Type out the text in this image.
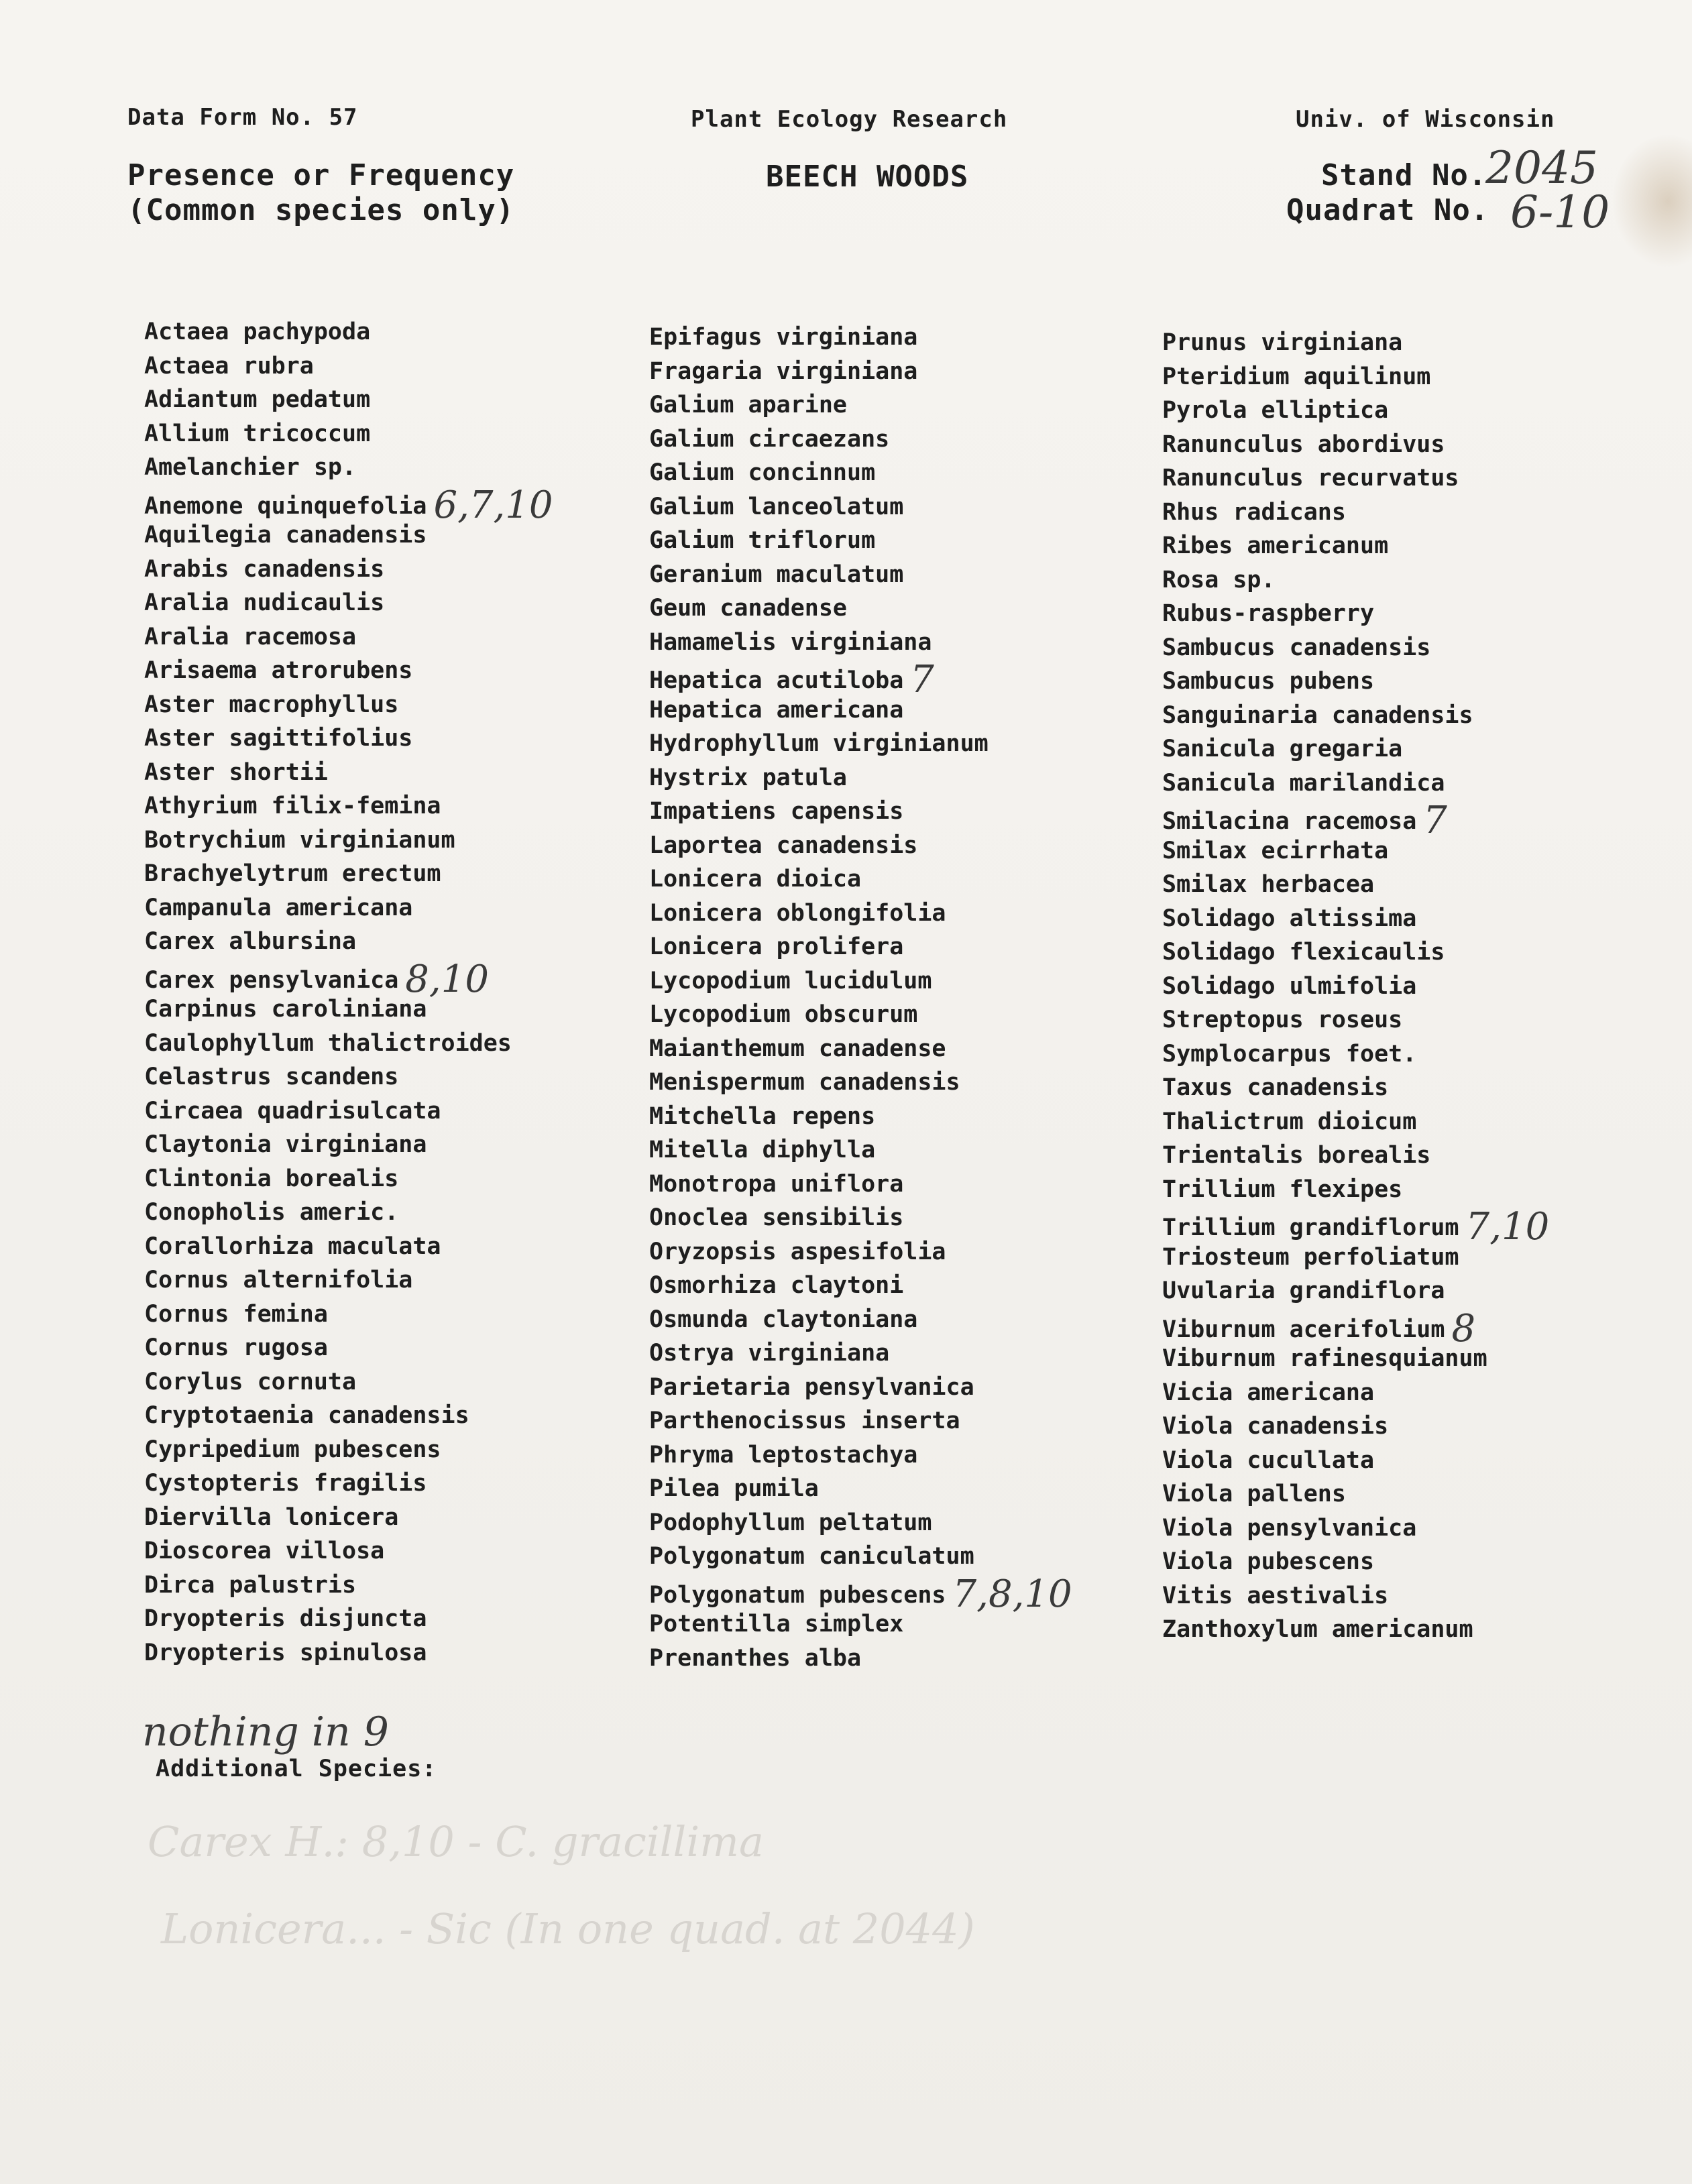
Data Form No. 57	Plant Ecology Research	Univ. of Wisconsin
Presence or Frequency
(Common species only)
BEECH WOODS	Stand No.
2045
Quadrat No. 6-10
Actaea pachypoda
Actaea rubra
Adiantum pedatum
Allium tricoccum
Amelanchier sp.
Anemone quinquefolia 6,7,10
Aquilegia canadensis
Arabis canadensis
Aralia nudicaulis
Aralia racemosa
Arisaema atrorubens
Aster macrophyllus
Aster sagittifolius
Aster shortii
Athyrium filix-femina
Botrychium virginianum
Brachyelytrum erectum
Campanula americana
Carex albursina
Carex pensylvanica 8,10
Carpinus caroliniana
Caulophyllum thalictroides
Celastrus scandens
Circaea quadrisulcata
Claytonia virginiana
Clintonia borealis
Conopholis americ.
Corallorhiza maculata
Cornus alternifolia
Cornus femina
Cornus rugosa
Corylus cornuta
Cryptotaenia canadensis
Cypripedium pubescens
Cystopteris fragilis
Diervilla lonicera
Dioscorea villosa
Dirca palustris
Dryopteris disjuncta
Dryopteris spinulosa
Epifagus virginiana
Fragaria virginiana
Galium aparine
Galium circaezans
Galium concinnum
Galium lanceolatum
Galium triflorum
Geranium maculatum
Geum canadense
Hamamelis virginiana
Hepatica acutiloba 7
Hepatica americana
Hydrophyllum virginianum
Hystrix patula
Impatiens capensis
Laportea canadensis
Lonicera dioica
Lonicera oblongifolia
Lonicera prolifera
Lycopodium lucidulum
Lycopodium obscurum
Maianthemum canadense
Menispermum canadensis
Mitchella repens
Mitella diphylla
Monotropa uniflora
Onoclea sensibilis
Oryzopsis aspesifolia
Osmorhiza claytoni
Osmunda claytoniana
Ostrya virginiana
Parietaria pensylvanica
Parthenocissus inserta
Phryma leptostachya
Pilea pumila
Podophyllum peltatum
Polygonatum caniculatum
Polygonatum pubescens 7,8,10
Potentilla simplex
Prenanthes alba
Prunus virginiana
Pteridium aquilinum
Pyrola elliptica
Ranunculus abordivus
Ranunculus recurvatus
Rhus radicans
Ribes americanum
Rosa sp.
Rubus-raspberry
Sambucus canadensis
Sambucus pubens
Sanguinaria canadensis
Sanicula gregaria
Sanicula marilandica
Smilacina racemosa 7
Smilax ecirrhata
Smilax herbacea
Solidago altissima
Solidago flexicaulis
Solidago ulmifolia
Streptopus roseus
Symplocarpus foet.
Taxus canadensis
Thalictrum dioicum
Trientalis borealis
Trillium flexipes
Trillium grandiflorum 7,10
Triosteum perfoliatum
Uvularia grandiflora
Viburnum acerifolium 8
Viburnum rafinesquianum
Vicia americana
Viola canadensis
Viola cucullata
Viola pallens
Viola pensylvanica
Viola pubescens
Vitis aestivalis
Zanthoxylum americanum
nothing in 9
Additional Species:
Carex H.: 8,10 - C. gracillima
Lonicera... - Sic (In one quad. at 2044)
